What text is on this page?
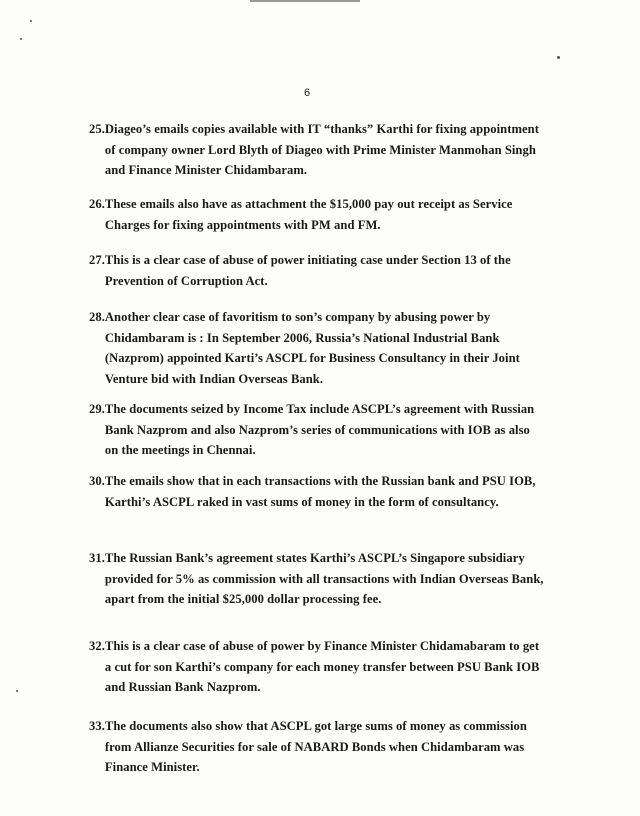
6
25. Diageo’s emails copies available with IT “thanks” Karthi for fixing appointment of company owner Lord Blyth of Diageo with Prime Minister Manmohan Singh and Finance Minister Chidambaram.
26. These emails also have as attachment the $15,000 pay out receipt as Service Charges for fixing appointments with PM and FM.
27. This is a clear case of abuse of power initiating case under Section 13 of the Prevention of Corruption Act.
28. Another clear case of favoritism to son’s company by abusing power by Chidambaram is : In September 2006, Russia’s National Industrial Bank (Nazprom) appointed Karti’s ASCPL for Business Consultancy in their Joint Venture bid with Indian Overseas Bank.
29. The documents seized by Income Tax include ASCPL’s agreement with Russian Bank Nazprom and also Nazprom’s series of communications with IOB as also on the meetings in Chennai.
30. The emails show that in each transactions with the Russian bank and PSU IOB, Karthi’s ASCPL raked in vast sums of money in the form of consultancy.
31. The Russian Bank’s agreement states Karthi’s ASCPL’s Singapore subsidiary provided for 5% as commission with all transactions with Indian Overseas Bank, apart from the initial $25,000 dollar processing fee.
32. This is a clear case of abuse of power by Finance Minister Chidamabaram to get a cut for son Karthi’s company for each money transfer between PSU Bank IOB and Russian Bank Nazprom.
33. The documents also show that ASCPL got large sums of money as commission from Allianze Securities for sale of NABARD Bonds when Chidambaram was Finance Minister.
